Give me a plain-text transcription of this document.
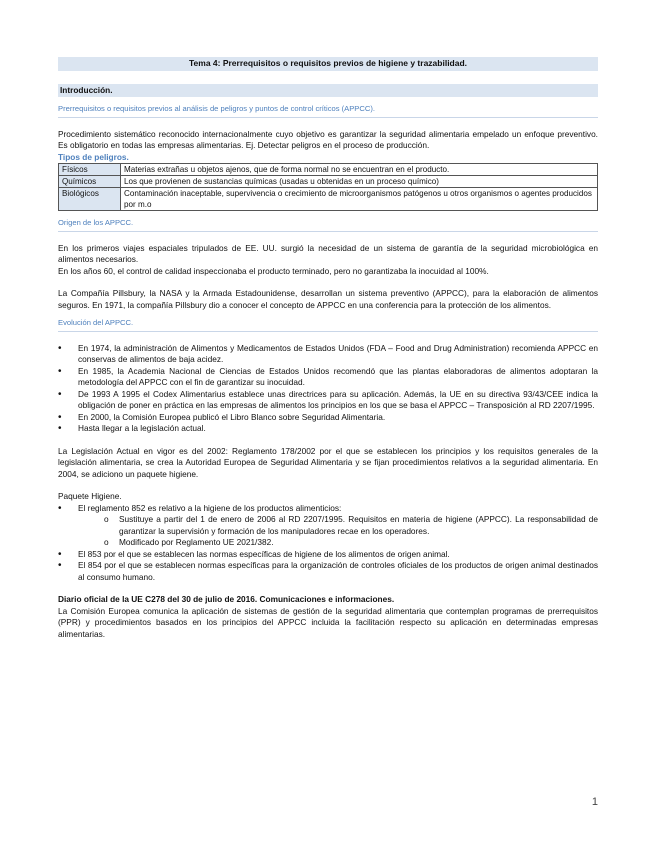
Tema 4: Prerrequisitos o requisitos previos de higiene y trazabilidad.
Introducción.
Prerrequisitos o requisitos previos al análisis de peligros y puntos de control críticos (APPCC).

Procedimiento sistemático reconocido internacionalmente cuyo objetivo es garantizar la seguridad alimentaria empelado un enfoque preventivo. Es obligatorio en todas las empresas alimentarias. Ej. Detectar peligros en el proceso de producción.

Tipos de peligros.
Físicos	Materias extrañas u objetos ajenos, que de forma normal no se encuentran en el producto.
Químicos	Los que provienen de sustancias químicas (usadas u obtenidas en un proceso químico)
Biológicos	Contaminación inaceptable, supervivencia o crecimiento de microorganismos patógenos u otros organismos o agentes producidos por m.o
Origen de los APPCC.

En los primeros viajes espaciales tripulados de EE. UU. surgió la necesidad de un sistema de garantía de la seguridad microbiológica en alimentos necesarios.

En los años 60, el control de calidad inspeccionaba el producto terminado, pero no garantizaba la inocuidad al 100%.

La Compañía Pillsbury, la NASA y la Armada Estadounidense, desarrollan un sistema preventivo (APPCC), para la elaboración de alimentos seguros. En 1971, la compañía Pillsbury dio a conocer el concepto de APPCC en una conferencia para la protección de los alimentos.

Evolución del APPCC.
• En 1974, la administración de Alimentos y Medicamentos de Estados Unidos (FDA – Food and Drug Administration) recomienda APPCC en conservas de alimentos de baja acidez.
• En 1985, la Academia Nacional de Ciencias de Estados Unidos recomendó que las plantas elaboradoras de alimentos adoptaran la metodología del APPCC con el fin de garantizar su inocuidad.
• De 1993 A 1995 el Codex Alimentarius establece unas directrices para su aplicación. Además, la UE en su directiva 93/43/CEE indica la obligación de poner en práctica en las empresas de alimentos los principios en los que se basa el APPCC – Transposición al RD 2207/1995.
• En 2000, la Comisión Europea publicó el Libro Blanco sobre Seguridad Alimentaria.
• Hasta llegar a la legislación actual.

La Legislación Actual en vigor es del 2002: Reglamento 178/2002 por el que se establecen los principios y los requisitos generales de la legislación alimentaria, se crea la Autoridad Europea de Seguridad Alimentaria y se fijan procedimientos relativos a la seguridad alimentaria. En 2004, se adiciono un paquete higiene.

Paquete Higiene.
• El reglamento 852 es relativo a la higiene de los productos alimenticios:
o Sustituye a partir del 1 de enero de 2006 al RD 2207/1995. Requisitos en materia de higiene (APPCC). La responsabilidad de garantizar la supervisión y formación de los manipuladores recae en los operadores.
o Modificado por Reglamento UE 2021/382.
• El 853 por el que se establecen las normas específicas de higiene de los alimentos de origen animal.
• El 854 por el que se establecen normas específicas para la organización de controles oficiales de los productos de origen animal destinados al consumo humano.
Diario oficial de la UE C278 del 30 de julio de 2016. Comunicaciones e informaciones.

La Comisión Europea comunica la aplicación de sistemas de gestión de la seguridad alimentaria que contemplan programas de prerrequisitos (PPR) y procedimientos basados en los principios del APPCC incluida la facilitación respecto su aplicación en determinadas empresas alimentarias.

1
